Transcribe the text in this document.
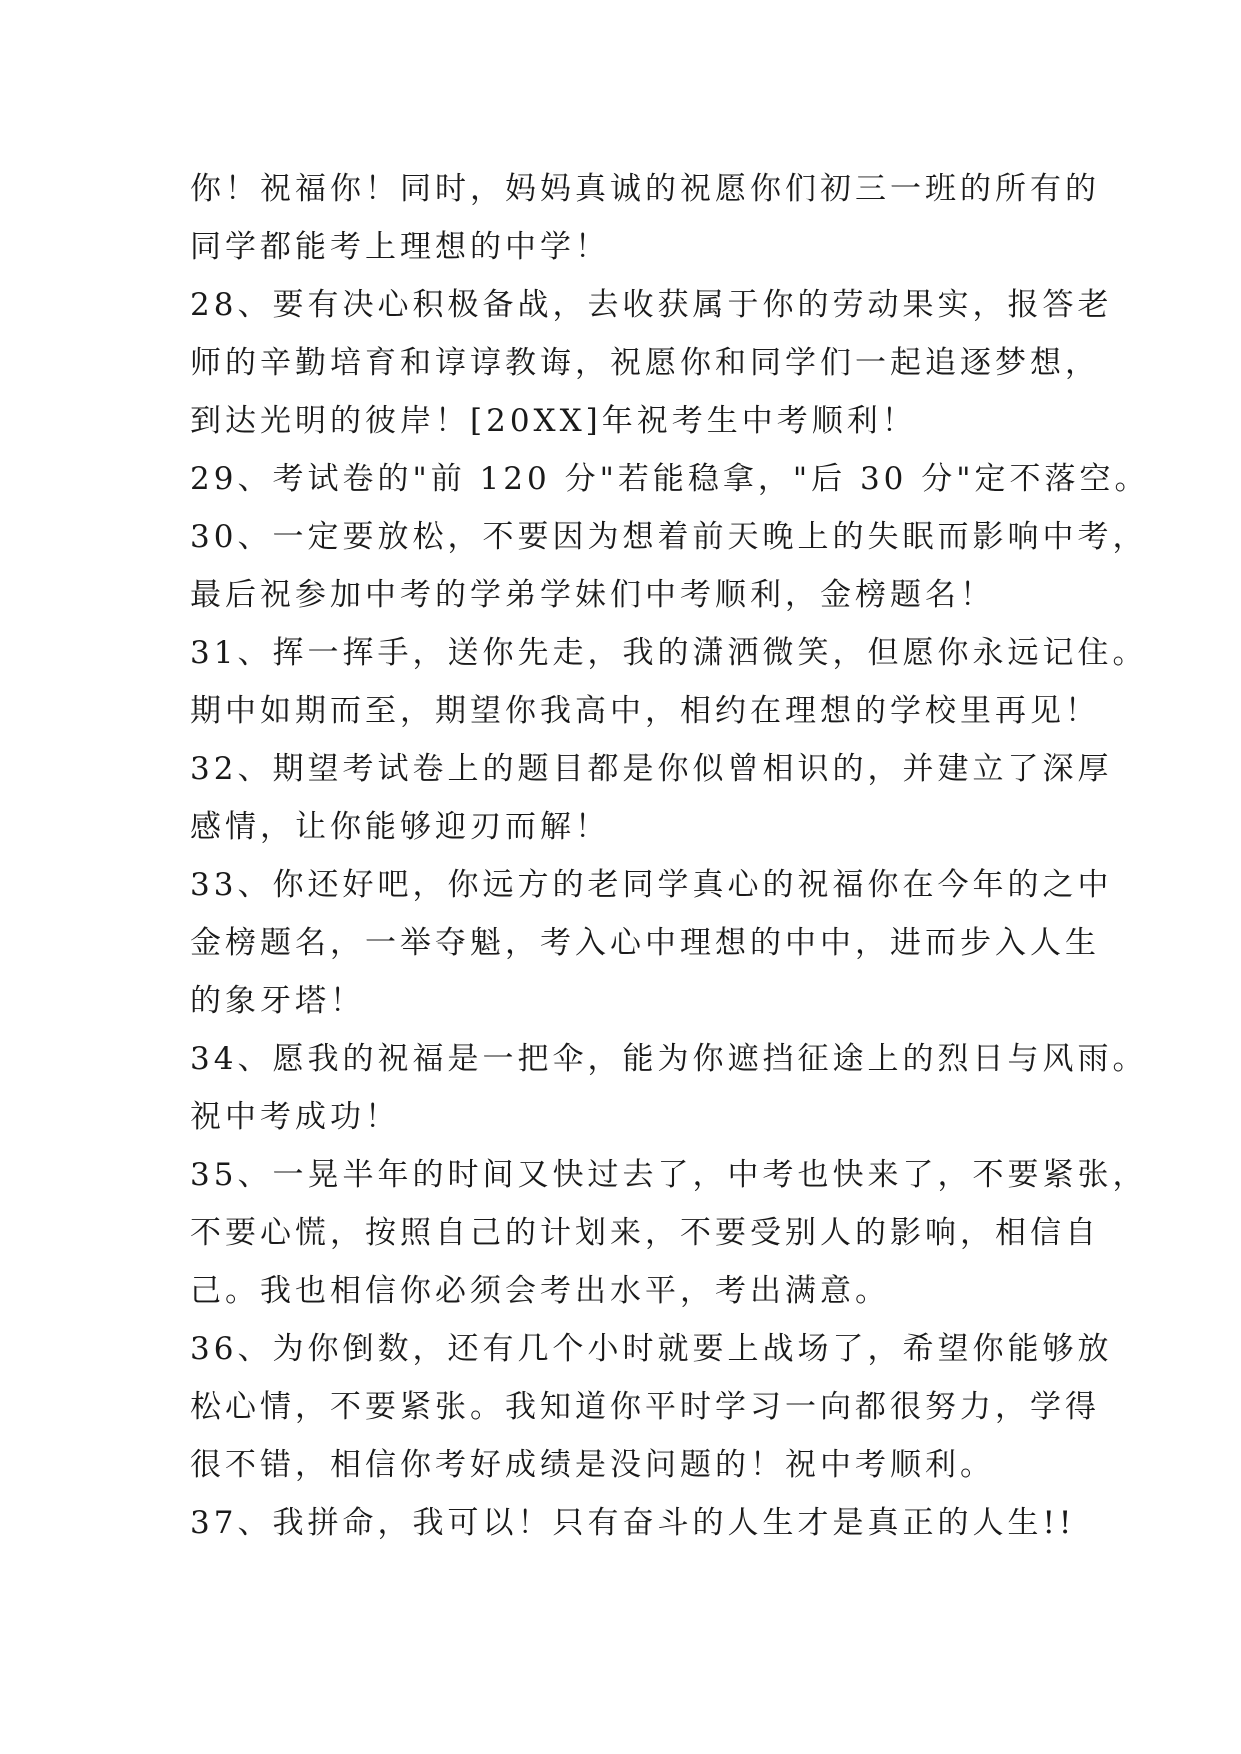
你！祝福你！同时，妈妈真诚的祝愿你们初三一班的所有的
同学都能考上理想的中学！
28、要有决心积极备战，去收获属于你的劳动果实，报答老
师的辛勤培育和谆谆教诲，祝愿你和同学们一起追逐梦想，
到达光明的彼岸！[20XX]年祝考生中考顺利！
29、考试卷的"前 120 分"若能稳拿，"后 30 分"定不落空。
30、一定要放松，不要因为想着前天晚上的失眠而影响中考，
最后祝参加中考的学弟学妹们中考顺利，金榜题名！
31、挥一挥手，送你先走，我的潇洒微笑，但愿你永远记住。
期中如期而至，期望你我高中，相约在理想的学校里再见！
32、期望考试卷上的题目都是你似曾相识的，并建立了深厚
感情，让你能够迎刃而解！
33、你还好吧，你远方的老同学真心的祝福你在今年的之中
金榜题名，一举夺魁，考入心中理想的中中，进而步入人生
的象牙塔！
34、愿我的祝福是一把伞，能为你遮挡征途上的烈日与风雨。
祝中考成功！
35、一晃半年的时间又快过去了，中考也快来了，不要紧张，
不要心慌，按照自己的计划来，不要受别人的影响，相信自
己。我也相信你必须会考出水平，考出满意。
36、为你倒数，还有几个小时就要上战场了，希望你能够放
松心情，不要紧张。我知道你平时学习一向都很努力，学得
很不错，相信你考好成绩是没问题的！祝中考顺利。
37、我拼命，我可以！只有奋斗的人生才是真正的人生!!
